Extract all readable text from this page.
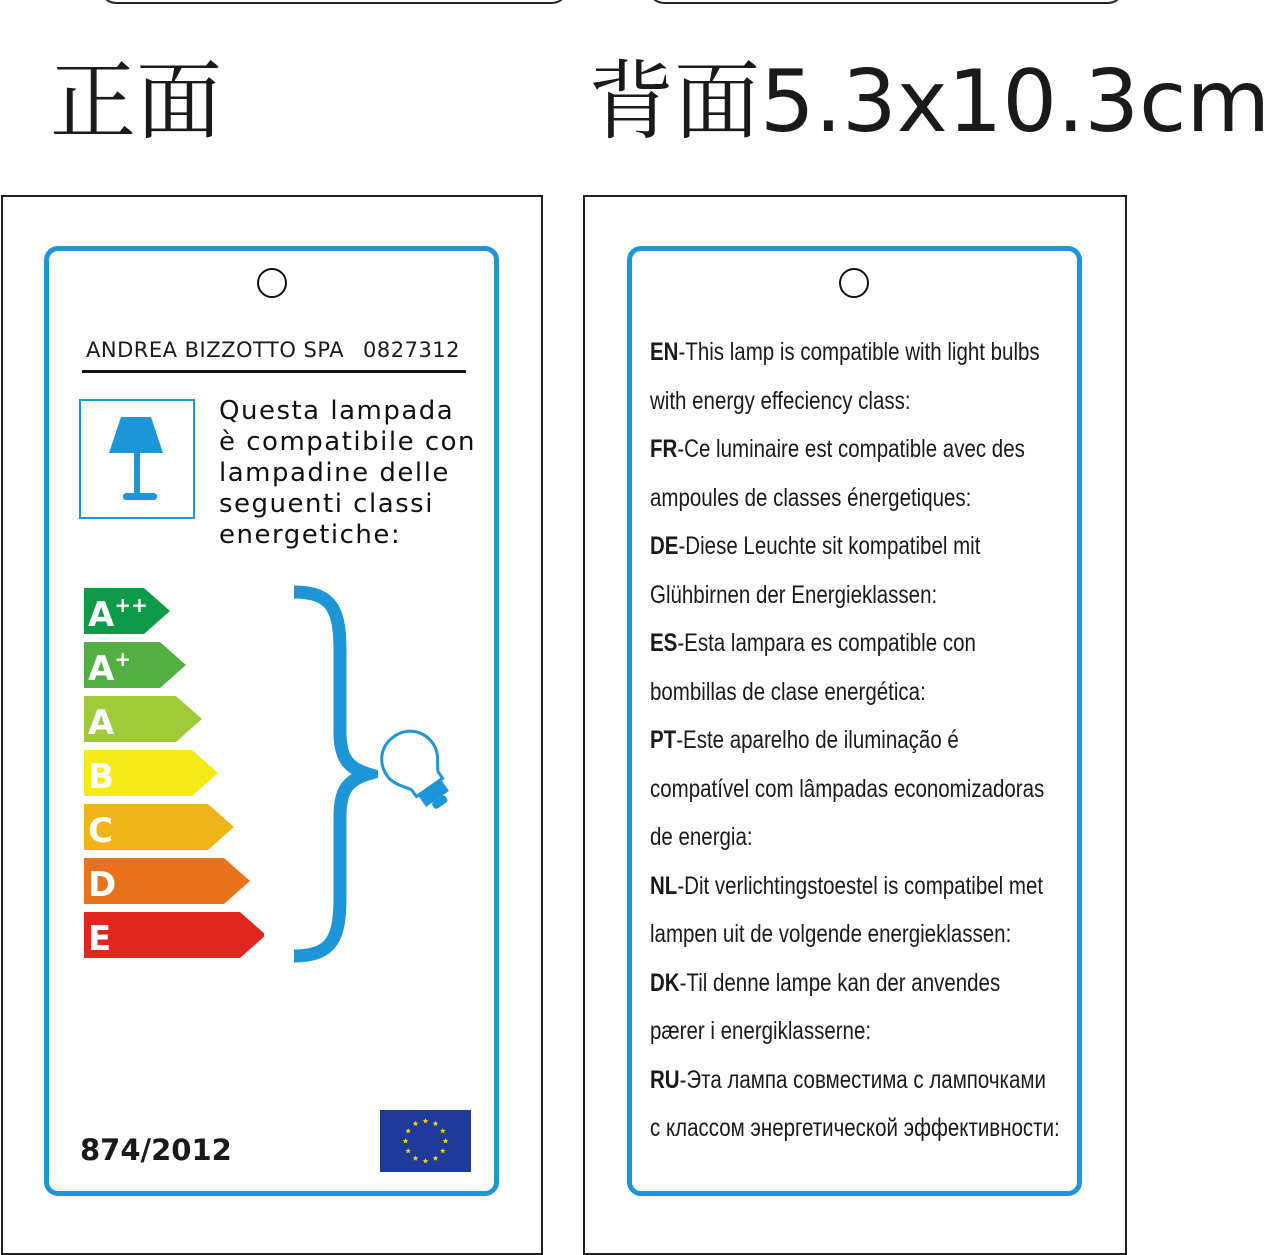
正面	背面5.3x10.3cm
ANDREA BIZZOTTO SPA 0827312
Questa lampada
è compatibile con
lampadine delle
seguenti classi
energetiche:
A++
A+
A
B
C
D
E
874/2012
EN-This lamp is compatible with light bulbs
with energy effeciency class:
FR-Ce luminaire est compatible avec des
ampoules de classes énergetiques:
DE-Diese Leuchte sit kompatibel mit
Glühbirnen der Energieklassen:
ES-Esta lampara es compatible con
bombillas de clase energética:
PT-Este aparelho de iluminação é
compatível com lâmpadas economizadoras
de energia:
NL-Dit verlichtingstoestel is compatibel met
lampen uit de volgende energieklassen:
DK-Til denne lampe kan der anvendes
pærer i energiklasserne:
RU-Эта лампа совместима с лампочками
с классом энергетической эффективности:
